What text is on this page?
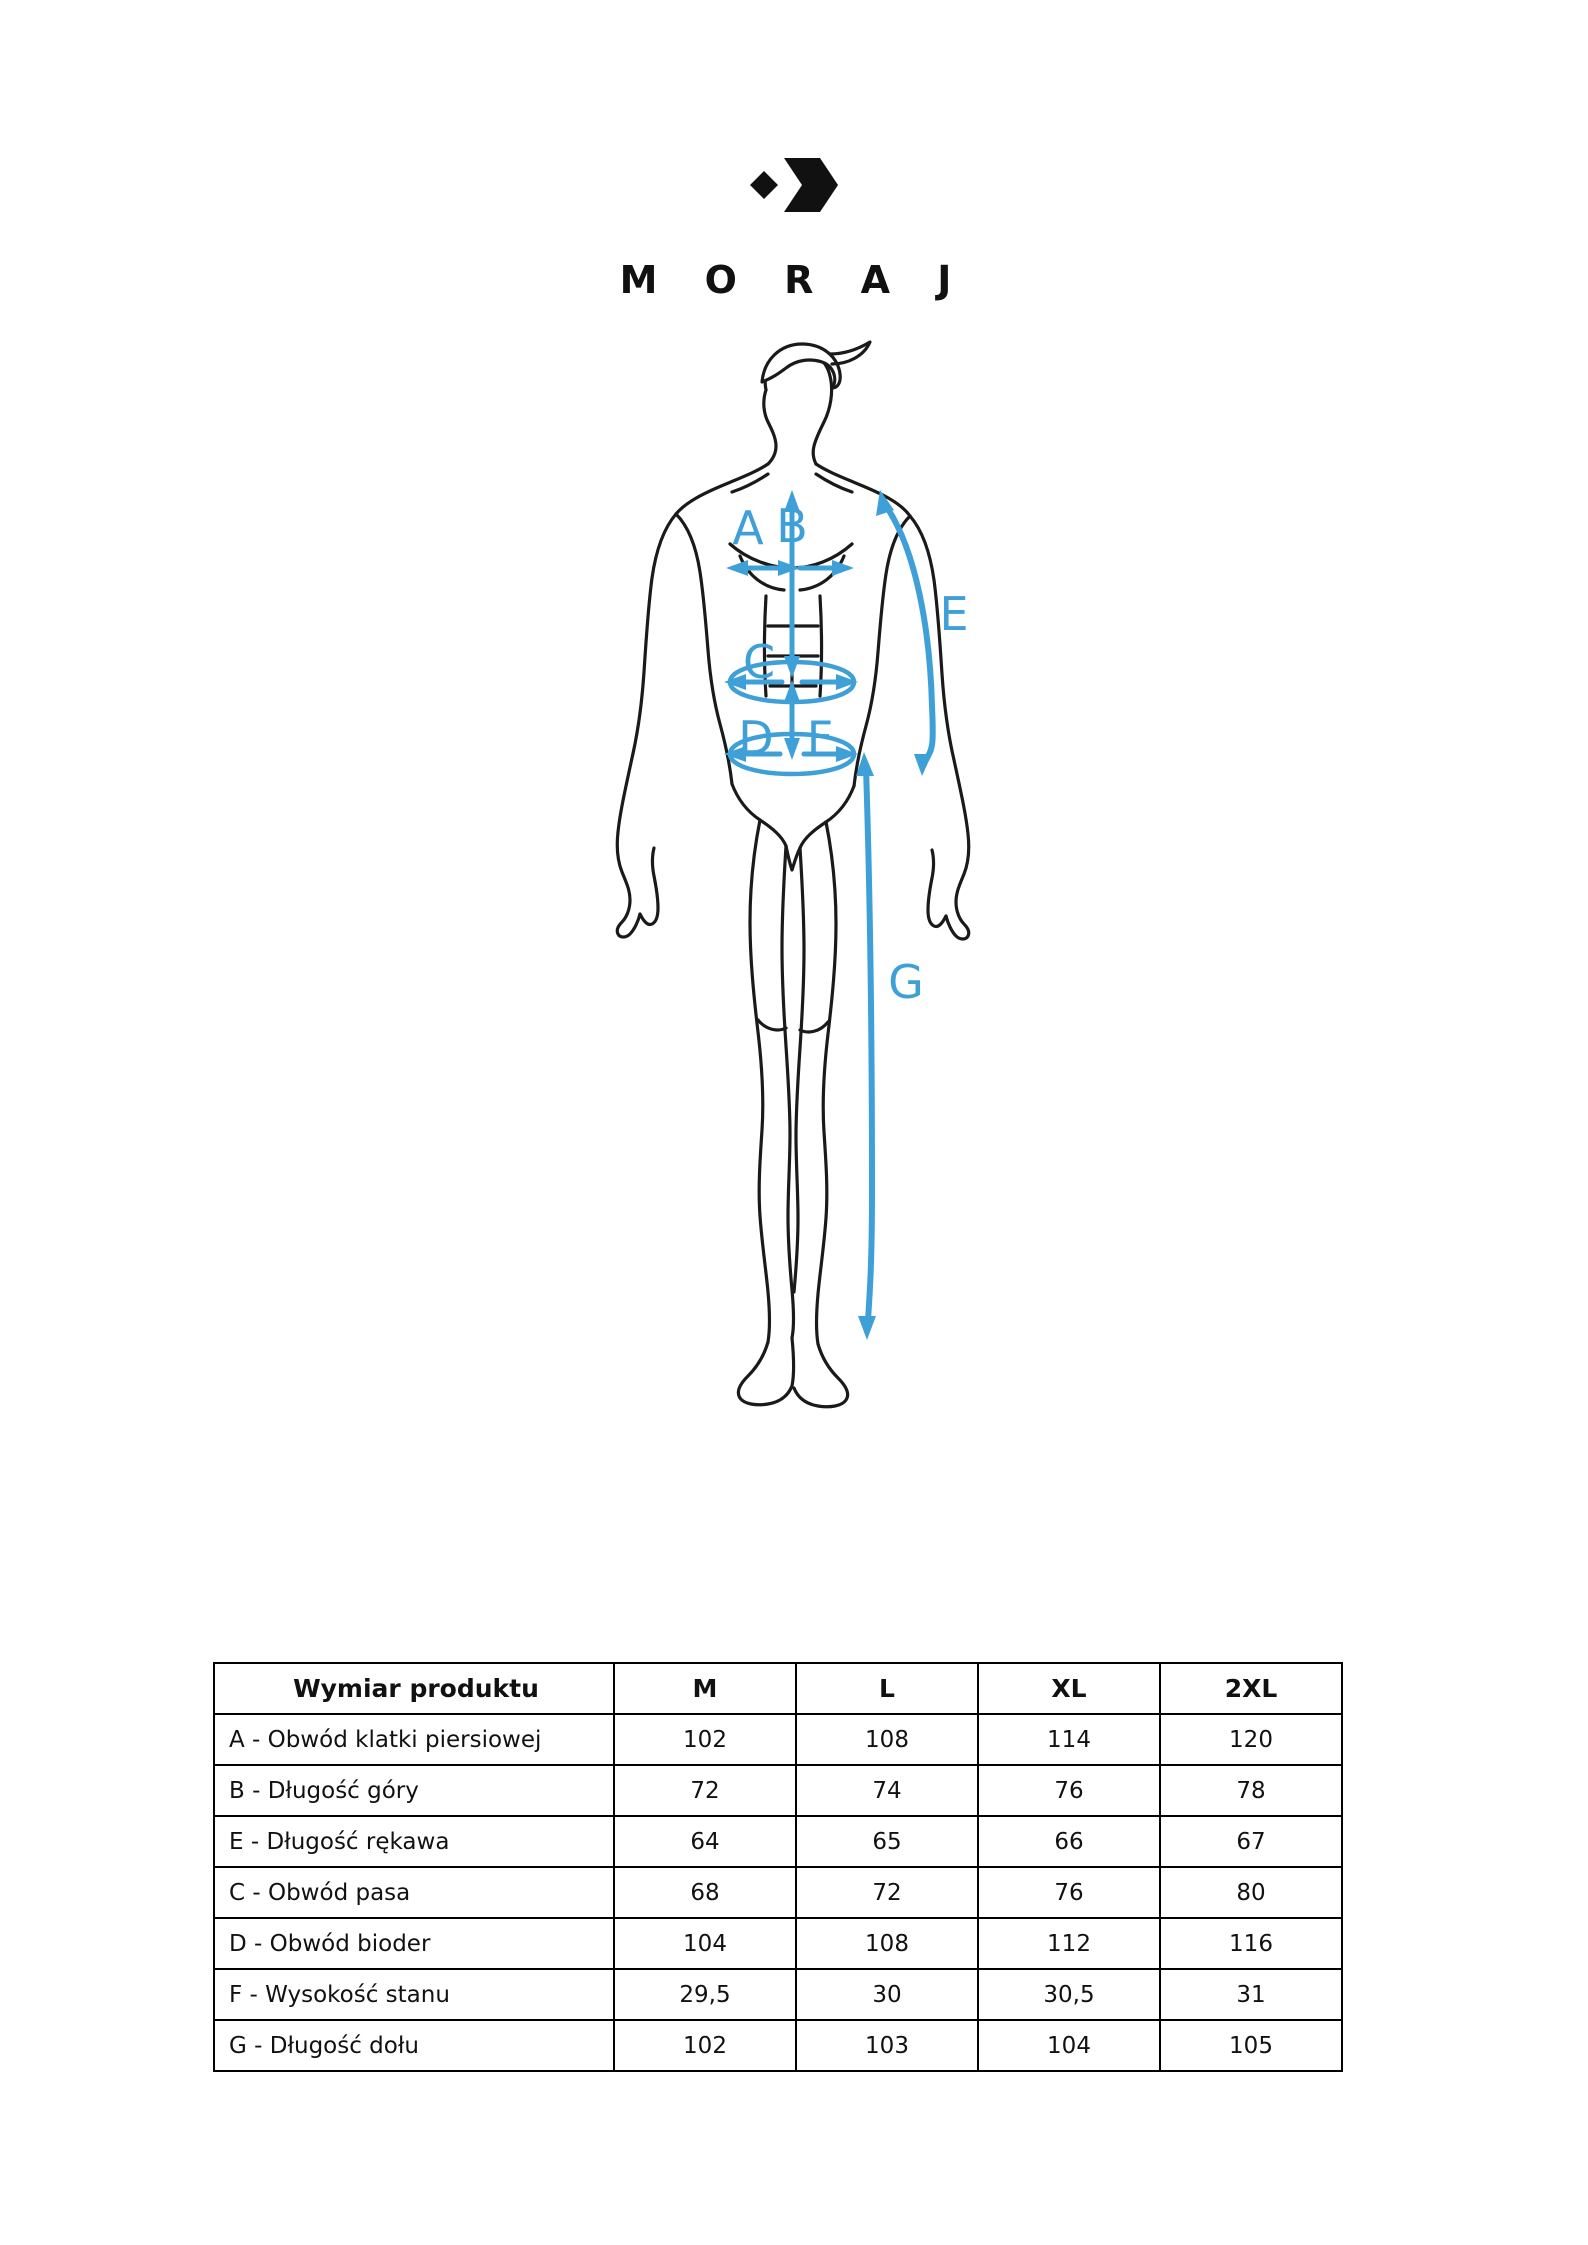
M O R A J
B
A
C
D F
E
G
Wymiar produktu	M	L	XL	2XL
A - Obwód klatki piersiowej	102	108	114	120
B - Długość góry	72	74	76	78
E - Długość rękawa	64	65	66	67
C - Obwód pasa	68	72	76	80
D - Obwód bioder	104	108	112	116
F - Wysokość stanu	29,5	30	30,5	31
G - Długość dołu	102	103	104	105
